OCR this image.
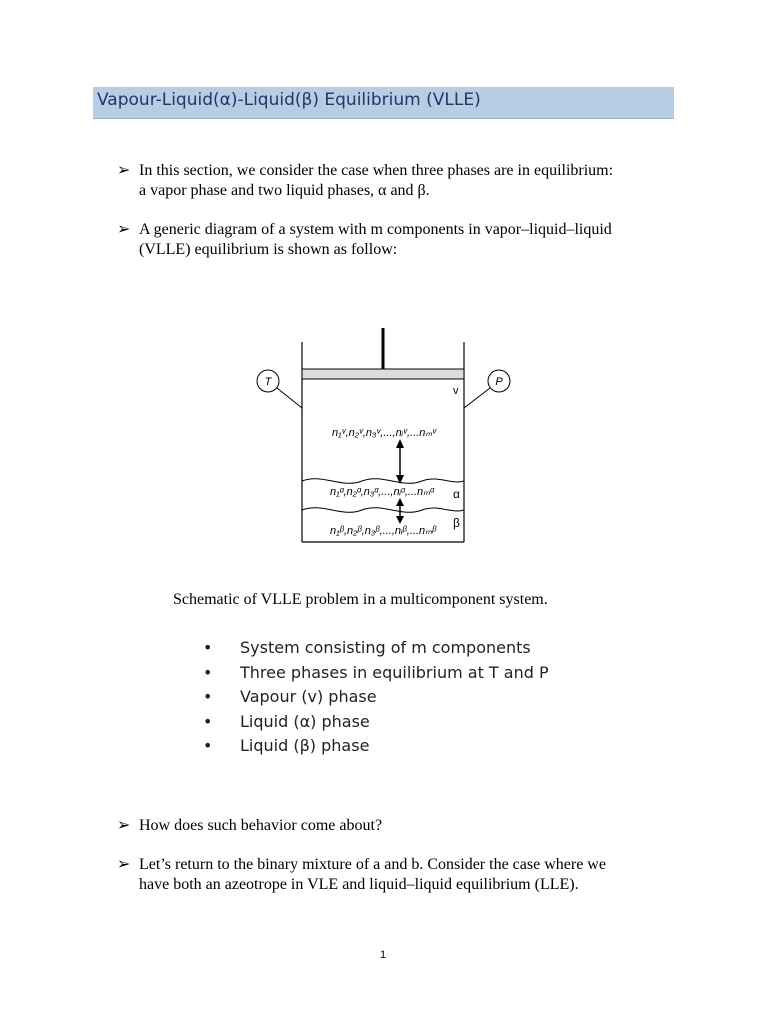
Vapour-Liquid(α)-Liquid(β) Equilibrium (VLLE)
➢ In this section, we consider the case when three phases are in equilibrium:
a vapor phase and two liquid phases, α and β.
➢ A generic diagram of a system with m components in vapor–liquid–liquid
(VLLE) equilibrium is shown as follow:
T	P
v
α
β
n₁ᵛ,n₂ᵛ,n₃ᵛ,...,nᵢᵛ,...nₘᵛ
n₁ᵅ,n₂ᵅ,n₃ᵅ,...,nᵢᵅ,...nₘᵅ
n₁ᵝ,n₂ᵝ,n₃ᵝ,...,nᵢᵝ,...nₘᵝ
Schematic of VLLE problem in a multicomponent system.
• System consisting of m components
• Three phases in equilibrium at T and P
• Vapour (v) phase
• Liquid (α) phase
• Liquid (β) phase
➢ How does such behavior come about?
➢ Let’s return to the binary mixture of a and b. Consider the case where we
have both an azeotrope in VLE and liquid–liquid equilibrium (LLE).
1
